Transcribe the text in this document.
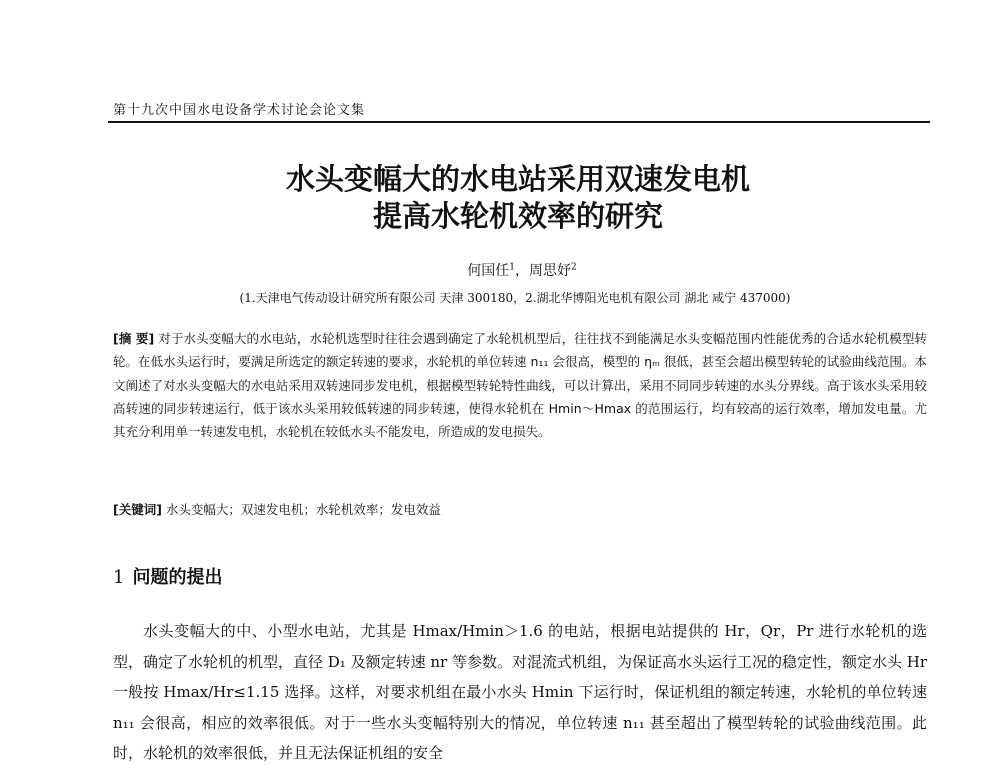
第十九次中国水电设备学术讨论会论文集
水头变幅大的水电站采用双速发电机
提高水轮机效率的研究
何国任$^1$，周思妤$^2$
(1.天津电气传动设计研究所有限公司 天津 300180，2.湖北华博阳光电机有限公司 湖北 咸宁 437000)

[摘 要] 对于水头变幅大的水电站，水轮机选型时往往会遇到确定了水轮机机型后，往往找不到能满足水头变幅范围内性能优秀的合适水轮机模型转轮。在低水头运行时，要满足所选定的额定转速的要求，水轮机的单位转速 n₁₁ 会很高，模型的 ηₘ 很低，甚至会超出模型转轮的试验曲线范围。本文阐述了对水头变幅大的水电站采用双转速同步发电机，根据模型转轮特性曲线，可以计算出，采用不同同步转速的水头分界线。高于该水头采用较高转速的同步转速运行，低于该水头采用较低转速的同步转速，使得水轮机在 Hmin～Hmax 的范围运行，均有较高的运行效率，增加发电量。尤其充分利用单一转速发电机，水轮机在较低水头不能发电，所造成的发电损失。

[关键词] 水头变幅大；双速发电机；水轮机效率；发电效益
1 问题的提出

水头变幅大的中、小型水电站，尤其是 Hmax/Hmin＞1.6 的电站，根据电站提供的 Hr，Qr，Pr 进行水轮机的选型，确定了水轮机的机型，直径 D₁ 及额定转速 nr 等参数。对混流式机组，为保证高水头运行工况的稳定性，额定水头 Hr 一般按 Hmax/Hr≤1.15 选择。这样，对要求机组在最小水头 Hmin 下运行时，保证机组的额定转速，水轮机的单位转速 n₁₁ 会很高，相应的效率很低。对于一些水头变幅特别大的情况，单位转速 n₁₁ 甚至超出了模型转轮的试验曲线范围。此时，水轮机的效率很低，并且无法保证机组的安全
